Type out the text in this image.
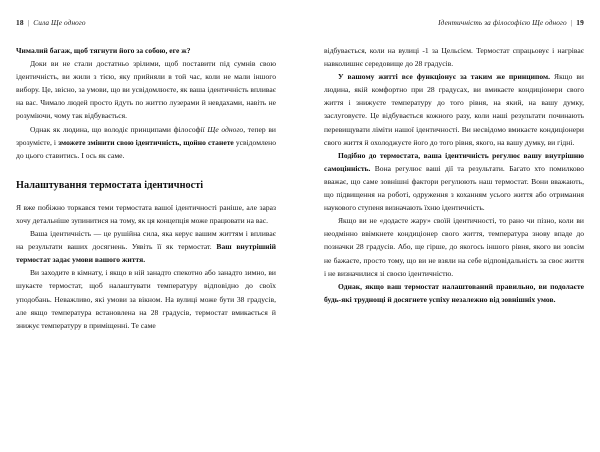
18 | Сила Ще одного

Чималий багаж, щоб тягнути його за собою, еге ж?

Доки ви не стали достатньо зрілими, щоб поставити під сумнів свою ідентичність, ви жили з тією, яку прийняли в той час, коли не мали іншого вибору. Це, звісно, за умови, що ви усвідомлюєте, як ваша ідентичність впливає на вас. Чимало людей просто йдуть по життю лузерами й невдахами, навіть не розуміючи, чому так відбувається.

Однак як людина, що володіє принципами філософії Ще одного, тепер ви зрозумієте, і зможете змінити свою ідентичність, щойно станете усвідомлено до цього ставитись. І ось як саме.

Налаштування термостата ідентичності

Я вже побіжно торкався теми термостата вашої ідентичності раніше, але зараз хочу детальніше зупинитися на тому, як ця концепція може працювати на вас.

Ваша ідентичність — це рушійна сила, яка керує вашим життям і впливає на результати ваших досягнень. Уявіть її як термостат. Ваш внутрішній термостат задає умови вашого життя.

Ви заходите в кімнату, і якщо в ній занадто спекотно або занадто зимно, ви шукаєте термостат, щоб налаштувати температуру відповідно до своїх уподобань. Неважливо, які умови за вікном. На вулиці може бути 38 градусів, але якщо температура встановлена на 28 градусів, термостат вмикається й знижує температуру в приміщенні. Те саме

Ідентичність за філософією Ще одного | 19

відбувається, коли на вулиці -1 за Цельсієм. Термостат спрацьовує і нагріває навколишнє середовище до 28 градусів.

У вашому житті все функціонує за таким же принципом. Якщо ви людина, якій комфортно при 28 градусах, ви вмикаєте кондиціонери свого життя і знижуєте температуру до того рівня, на який, на вашу думку, заслуговуєте. Це відбувається кожного разу, коли наші результати починають перевищувати ліміти нашої ідентичності. Ви несвідомо вмикаєте кондиціонери свого життя й охолоджуєте його до того рівня, якого, на вашу думку, ви гідні.

Подібно до термостата, ваша ідентичність регулює вашу внутрішню самоцінність. Вона регулює ваші дії та результати. Багато хто помилково вважає, що саме зовнішні фактори регулюють наш термостат. Вони вважають, що підвищення на роботі, одруження з коханням усього життя або отримання наукового ступеня визначають їхню ідентичність.

Якщо ви не «додасте жару» своїй ідентичності, то рано чи пізно, коли ви неодмінно ввімкнете кондиціонер свого життя, температура знову впаде до позначки 28 градусів. Або, ще гірше, до якогось іншого рівня, якого ви зовсім не бажаєте, просто тому, що ви не взяли на себе відповідальність за своє життя і не визначилися зі своєю ідентичністю.

Однак, якщо ваш термостат налаштований правильно, ви подолаєте будь-які труднощі й досягнете успіху незалежно від зовнішніх умов.
